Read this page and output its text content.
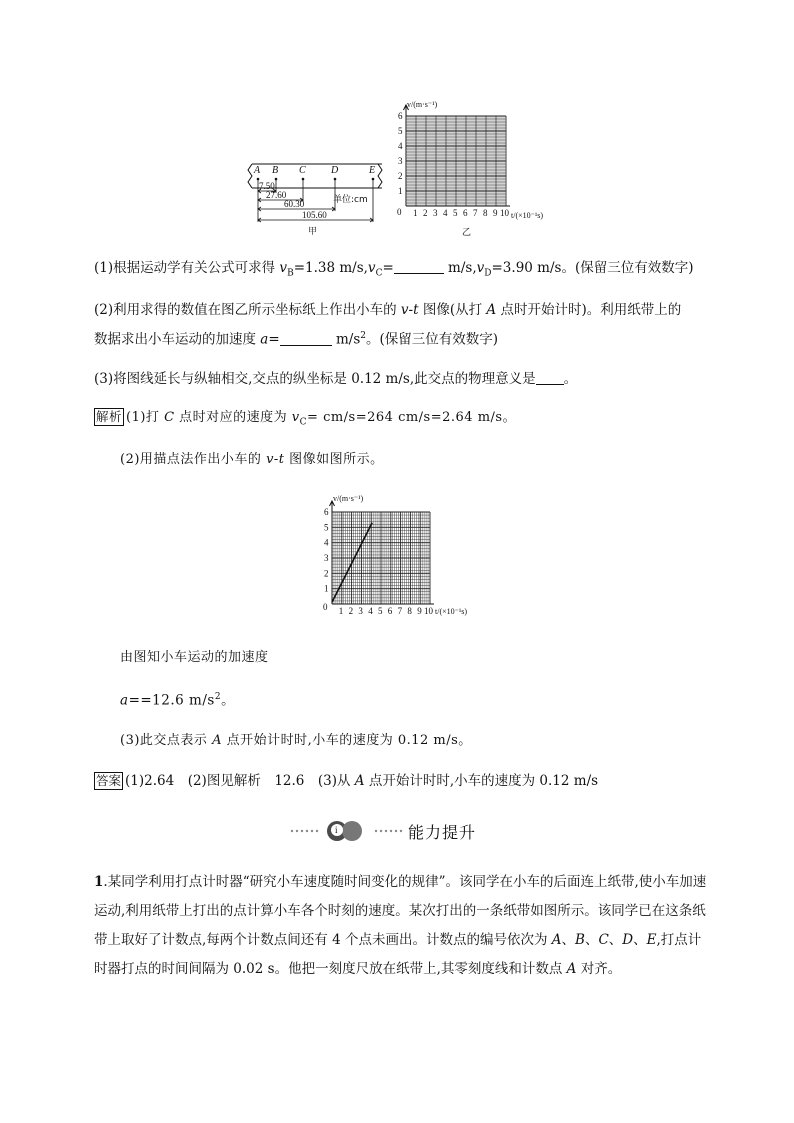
A B C	D	E
7.50
27.60
60.30
105.60
单位:cm
甲
v/(m·s⁻¹)
t/(×10⁻¹s)
0
乙
6
5
4
3
2
1
1 2 3 4 5 6 7 8 9 10
(1)根据运动学有关公式可求得 $v_B=1.38$ $m/s,v_C=$	$m/s,v_D=3.90$ m/s。(保留三位有效数字)
(2)利用求得的数值在图乙所示坐标纸上作出小车的 v-t 图像(从打 A 点时开始计时)。利用纸带上的
数据求出小车运动的加速度 a=	$m/s^2$。(保留三位有效数字)
(3)将图线延长与纵轴相交,交点的纵坐标是 0.12 m/s,此交点的物理意义是 。
解析 (1)打 C 点时对应的速度为 $v_C= cm/s=264$ cm/s=2.64 m/s。
(2)用描点法作出小车的 v-t 图像如图所示。
v/(m·s⁻¹)
t/(×10⁻¹s)
0
6
5
4
3
2
1
1 2 3 4 5 6 7 8 9 10
由图知小车运动的加速度
a==12.6 $m/s^2$。
(3)此交点表示 A 点开始计时时,小车的速度为 0.12 m/s。
答案 (1)2.64　(2)图见解析　12.6　(3)从 A 点开始计时时,小车的速度为 0.12 m/s
i	能力提升
1.某同学利用打点计时器“研究小车速度随时间变化的规律”。该同学在小车的后面连上纸带,使小车加速运动,利用纸带上打出的点计算小车各个时刻的速度。某次打出的一条纸带如图所示。该同学已在这条纸带上取好了计数点,每两个计数点间还有 4 个点未画出。计数点的编号依次为 A、B、C、D、E,打点计时器打点的时间间隔为 0.02 s。他把一刻度尺放在纸带上,其零刻度线和计数点 A 对齐。
